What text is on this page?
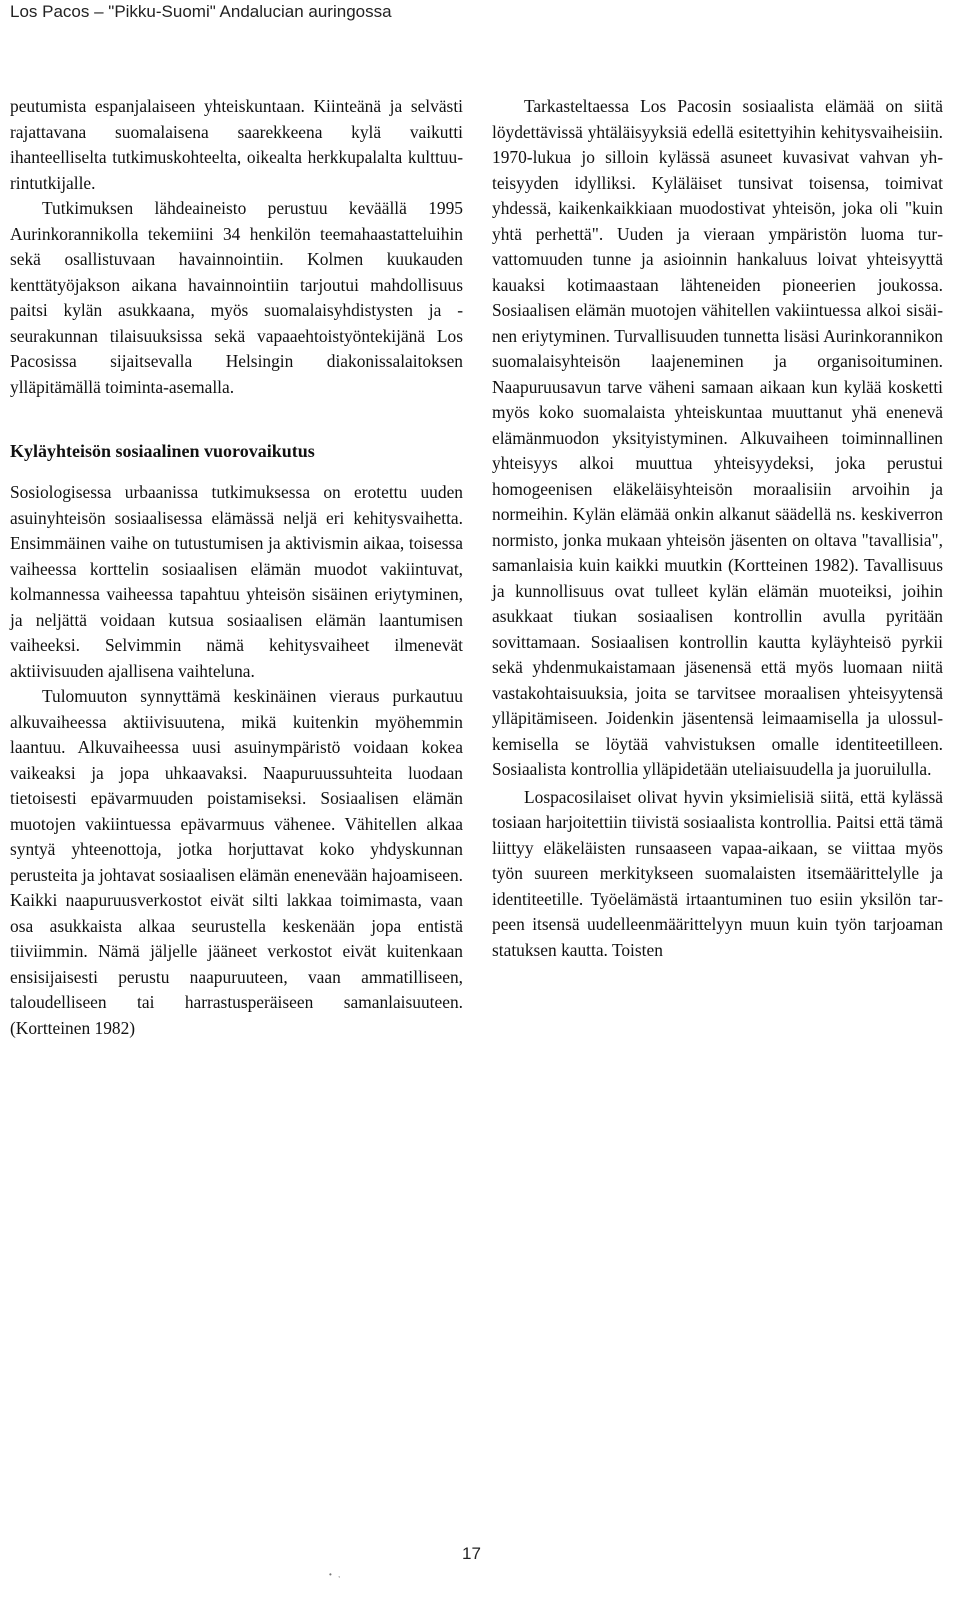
Los Pacos – "Pikku-Suomi" Andalucian auringossa

peutumista espanjalaiseen yhteiskuntaan. Kiinteänä ja selvästi rajattavana suomalaisena saarekkeena kylä vaikutti ihanteelliselta tutkimuskohteelta, oikealta herkkupalalta kulttuurintutkijalle.

Tutkimuksen lähdeaineisto perustuu keväällä 1995 Aurinkorannikolla tekemiini 34 henkilön teemahaastatteluihin sekä osallistuvaan havainnointiin. Kolmen kuukauden kenttätyöjakson aikana havainnointiin tarjoutui mahdollisuus paitsi kylän asukkaana, myös suomalaisyhdistysten ja -seurakunnan tilaisuuksissa sekä vapaaehtoistyöntekijänä Los Pacosissa sijaitsevalla Helsingin diakonissalaitoksen ylläpitämällä toiminta-asemalla.

Kyläyhteisön sosiaalinen vuorovaikutus

Sosiologisessa urbaanissa tutkimuksessa on erotettu uuden asuinyhteisön sosiaalisessa elämässä neljä eri kehitysvaihetta. Ensimmäinen vaihe on tutustumisen ja aktivismin aikaa, toisessa vaiheessa korttelin sosiaalisen elämän muodot vakiintuvat, kolmannessa vaiheessa tapahtuu yhteisön sisäinen eriytyminen, ja neljättä voidaan kutsua sosiaalisen elämän laantumisen vaiheeksi. Selvimmin nämä kehitysvaiheet ilmenevät aktiivisuuden ajallisena vaihteluna.

Tulomuuton synnyttämä keskinäinen vieraus purkautuu alkuvaiheessa aktiivisuutena, mikä kuitenkin myöhemmin laantuu. Alkuvaiheessa uusi asuinympäristö voidaan kokea vaikeaksi ja jopa uhkaavaksi. Naapuruussuhteita luodaan tietoisesti epävarmuuden poistamiseksi. Sosiaalisen elämän muotojen vakiintuessa epävarmuus vähenee. Vähitellen alkaa syntyä yhteenottoja, jotka horjuttavat koko yhdyskunnan perusteita ja johtavat sosiaalisen elämän enenevään hajoamiseen. Kaikki naapuruusverkostot eivät silti lakkaa toimimasta, vaan osa asukkaista alkaa seurustella keskenään jopa entistä tiiviimmin. Nämä jäljelle jääneet verkostot eivät kuitenkaan ensisijaisesti perustu naapuruuteen, vaan ammatilliseen, taloudelliseen tai harrastusperäiseen samanlaisuuteen. (Kortteinen 1982)

Tarkasteltaessa Los Pacosin sosiaalista elämää on siitä löydettävissä yhtäläisyyksiä edellä esitettyihin kehitysvaiheisiin. 1970-lukua jo silloin kylässä asuneet kuvasivat vahvan yhteisyyden idylliksi. Kyläläiset tunsivat toisensa, toimivat yhdessä, kaikenkaikkiaan muodostivat yhteisön, joka oli "kuin yhtä perhettä". Uuden ja vieraan ympäristön luoma turvattomuuden tunne ja asioinnin hankaluus loivat yhteisyyttä kauaksi kotimaastaan lähteneiden pioneerien joukossa. Sosiaalisen elämän muotojen vähitellen vakiintuessa alkoi sisäinen eriytyminen. Turvallisuuden tunnetta lisäsi Aurinkorannikon suomalaisyhteisön laajeneminen ja organisoituminen. Naapuruusavun tarve väheni samaan aikaan kun kylää kosketti myös koko suomalaista yhteiskuntaa muuttanut yhä enenevä elämänmuodon yksityistyminen. Alkuvaiheen toiminnallinen yhteisyys alkoi muuttua yhteisyydeksi, joka perustui homogeenisen eläkeläisyhteisön moraalisiin arvoihin ja normeihin. Kylän elämää onkin alkanut säädellä ns. keskiverron normisto, jonka mukaan yhteisön jäsenten on oltava "tavallisia", samanlaisia kuin kaikki muutkin (Kortteinen 1982). Tavallisuus ja kunnollisuus ovat tulleet kylän elämän muoteiksi, joihin asukkaat tiukan sosiaalisen kontrollin avulla pyritään sovittamaan. Sosiaalisen kontrollin kautta kyläyhteisö pyrkii sekä yhdenmukaistamaan jäsenensä että myös luomaan niitä vastakohtaisuuksia, joita se tarvitsee moraalisen yhteisyytensä ylläpitämiseen. Joidenkin jäsentensä leimaamisella ja ulossulkemisella se löytää vahvistuksen omalle identiteetilleen. Sosiaalista kontrollia ylläpidetään uteliaisuudella ja juoruilulla.

Lospacosilaiset olivat hyvin yksimielisiä siitä, että kylässä tosiaan harjoitettiin tiivistä sosiaalista kontrollia. Paitsi että tämä liittyy eläkeläisten runsaaseen vapaa-aikaan, se viittaa myös työn suureen merkitykseen suomalaisten itsemäärittelylle ja identiteetille. Työelämästä irtaantuminen tuo esiin yksilön tarpeen itsensä uudelleenmäärittelyyn muun kuin työn tarjoaman statuksen kautta. Toisten

• ,
17
